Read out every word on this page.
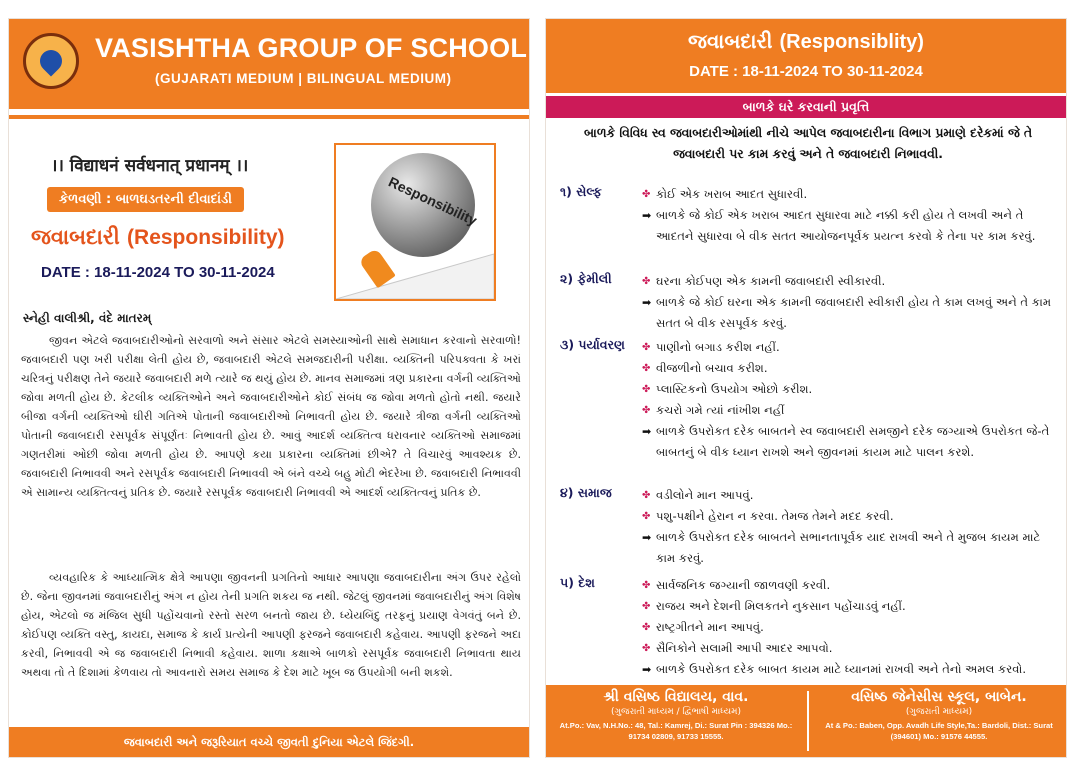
VASISHTHA GROUP OF SCHOOL
(GUJARATI MEDIUM | BILINGUAL MEDIUM)
।। विद्याधनं सर्वधनात् प्रधानम् ।।
કેળવણી : બાળઘડતરની દીવાદાંડી
જવાબદારી (Responsibility)
DATE : 18-11-2024 TO 30-11-2024
Responsibility
સ્નેહી વાલીશ્રી, વંદે માતરમ્

જીવન એટલે જવાબદારીઓનો સરવાળો અને સંસાર એટલે સમસ્યાઓની સાથે સમાધાન કરવાનો સરવાળો! જવાબદારી પણ ખરી પરીક્ષા લેતી હોય છે, જવાબદારી એટલે સમજદારીની પરીક્ષા. વ્યક્તિની પરિપક્વતા કે ખરાં ચરિત્રનું પરીક્ષણ તેને જયારે જવાબદારી મળે ત્યારે જ થયું હોય છે. માનવ સમાજમાં ત્રણ પ્રકારના વર્ગની વ્યક્તિઓ જોવા મળતી હોય છે. કેટલીક વ્યક્તિઓને અને જવાબદારીઓને કોઈ સંબંધ જ જોવા મળતો હોતો નથી. જયારે બીજા વર્ગની વ્યક્તિઓ ઘીરી ગતિએ પોતાની જવાબદારીઓ નિભાવતી હોય છે. જયારે ત્રીજા વર્ગની વ્યક્તિઓ પોતાની જવાબદારી રસપૂર્વક સંપૂર્ણતઃ નિભાવતી હોય છે. આવું આદર્શ વ્યક્તિત્વ ધરાવનાર વ્યક્તિઓ સમાજમાં ગણતરીમાં ઓછી જોવા મળતી હોય છે. આપણે કયા પ્રકારના વ્યક્તિમાં છીએ? તે વિચારવું આવશ્યક છે. જવાબદારી નિભાવવી અને રસપૂર્વક જવાબદારી નિભાવવી એ બંને વચ્ચે બહુ મોટી ભેદરેખા છે. જવાબદારી નિભાવવી એ સામાન્ય વ્યક્તિત્વનું પ્રતિક છે. જયારે રસપૂર્વક જવાબદારી નિભાવવી એ આદર્શ વ્યક્તિત્વનું પ્રતિક છે.

વ્યવહારિક કે આધ્યાત્મિક ક્ષેત્રે આપણા જીવનની પ્રગતિનો આધાર આપણા જવાબદારીના અંગ ઉપર રહેલો છે. જેના જીવનમાં જવાબદારીનું અંગ ન હોય તેની પ્રગતિ શકય જ નથી. જેટલું જીવનમાં જવાબદારીનું અંગ વિશેષ હોય, એટલો જ મંજિલ સુધી પહોંચવાનો રસ્તો સરળ બનતો જાય છે. ધ્યેયબિંદુ તરફનું પ્રયાણ વેગવંતું બને છે. કોઈપણ વ્યક્તિ વસ્તુ, કાયદા, સમાજ કે કાર્ય પ્રત્યેની આપણી ફરજને જવાબદારી કહેવાય. આપણી ફરજને અદા કરવી, નિભાવવી એ જ જવાબદારી નિભાવી કહેવાય. શાળા કક્ષાએ બાળકો રસપૂર્વક જવાબદારી નિભાવતા થાય અથવા તો તે દિશામાં કેળવાય તો આવનારો સમય સમાજ કે દેશ માટે ખૂબ જ ઉપયોગી બની શકશે.

જવાબદારી અને જરૂરિયાત વચ્ચે જીવતી દુનિયા એટલે જિંદગી.
જવાબદારી (Responsiblity)
DATE : 18-11-2024 TO 30-11-2024
બાળકે ઘરે કરવાની પ્રવૃત્તિ
બાળકે વિવિધ સ્વ જવાબદારીઓમાંથી નીચે આપેલ જવાબદારીના વિભાગ પ્રમાણે દરેકમાં જે તે જવાબદારી પર કામ કરવું અને તે જવાબદારી નિભાવવી.
૧) સેલ્ફ	✤ કોઈ એક ખરાબ આદત સુધારવી.
➡ બાળકે જે કોઈ એક ખરાબ આદત સુધારવા માટે નક્કી કરી હોય તે લખવી અને તે આદતને સુધારવા બે વીક સતત આયોજનપૂર્વક પ્રયત્ન કરવો કે તેના પર કામ કરવું.
૨) ફેમીલી	✤ ઘરના કોઈપણ એક કામની જવાબદારી સ્વીકારવી.
➡ બાળકે જે કોઈ ઘરના એક કામની જવાબદારી સ્વીકારી હોય તે કામ લખવું અને તે કામ સતત બે વીક રસપૂર્વક કરવું.
૩) પર્યાવરણ ✤ પાણીનો બગાડ કરીશ નહીં.
✤ વીજળીનો બચાવ કરીશ.
✤ પ્લાસ્ટિકનો ઉપયોગ ઓછો કરીશ.
✤ કચરો ગમે ત્યાં નાંખીશ નહીં
➡ બાળકે ઉપરોકત દરેક બાબતને સ્વ જવાબદારી સમજીને દરેક જગ્યાએ ઉપરોકત જે-તે બાબતનું બે વીક ધ્યાન રાખશે અને જીવનમાં કાયમ માટે પાલન કરશે.
૪) સમાજ	✤ વડીલોને માન આપવું.
✤ પશુ-પક્ષીને હેરાન ન કરવા. તેમજ તેમને મદદ કરવી.
➡ બાળકે ઉપરોકત દરેક બાબતને સભાનતાપૂર્વક યાદ રાખવી અને તે મુજબ કાયમ માટે કામ કરવું.
૫) દેશ	✤ સાર્વજનિક જગ્યાની જાળવણી કરવી.
✤ રાજય અને દેશની મિલકતને નુકસાન પહોંચાડવું નહીં.
✤ રાષ્ટ્રગીતને માન આપવું.
✤ સૈનિકોને સલામી આપી આદર આપવો.
➡ બાળકે ઉપરોકત દરેક બાબત કાયમ માટે ધ્યાનમાં રાખવી અને તેનો અમલ કરવો.
શ્રી વસિષ્ઠ વિદ્યાલય, વાવ.
(ગુજરાતી માધ્યમ / દ્વિભાષી માધ્યમ)
At.Po.: Vav, N.H.No.: 48, Tal.: Kamrej, Di.: Surat Pin : 394326 Mo.: 91734 02809, 91733 15555.
વસિષ્ઠ જેનેસીસ સ્કૂલ, બાબેન.
(ગુજરાતી માધ્યમ)
At & Po.: Baben, Opp. Avadh Life Style,Ta.: Bardoli, Dist.: Surat (394601) Mo.: 91576 44555.
